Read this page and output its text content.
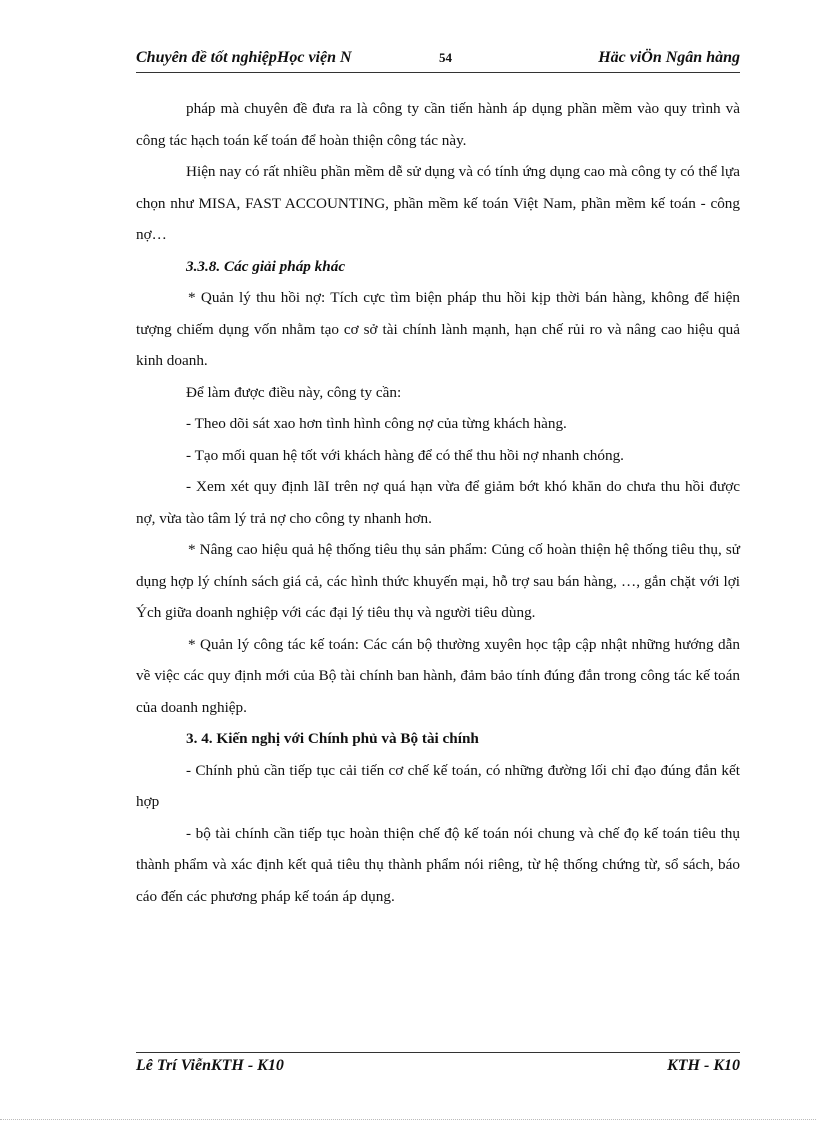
Chuyên đề tốt nghiệpHọc viện N	54	Häc viÖn Ngân hàng

pháp mà chuyên đề đưa ra là công ty cần tiến hành áp dụng phần mềm vào quy trình và công tác hạch toán kế toán để hoàn thiện công tác này.

Hiện nay có rất nhiều phần mềm dễ sử dụng và có tính ứng dụng cao mà công ty có thể lựa chọn như MISA, FAST ACCOUNTING, phần mềm kế toán Việt Nam, phần mềm kế toán - công nợ…

3.3.8. Các giải pháp khác

* Quản lý thu hồi nợ: Tích cực tìm biện pháp thu hồi kịp thời bán hàng, không để hiện tượng chiếm dụng vốn nhằm tạo cơ sở tài chính lành mạnh, hạn chế rủi ro và nâng cao hiệu quả kinh doanh.

Để làm được điều này, công ty cần:

- Theo dõi sát xao hơn tình hình công nợ của từng khách hàng.

- Tạo mối quan hệ tốt với khách hàng để có thể thu hồi nợ nhanh chóng.

- Xem xét quy định lãI trên nợ quá hạn vừa để giảm bớt khó khăn do chưa thu hồi được nợ, vừa tào tâm lý trả nợ cho công ty nhanh hơn.

* Nâng cao hiệu quả hệ thống tiêu thụ sản phẩm: Củng cố hoàn thiện hệ thống tiêu thụ, sử dụng hợp lý chính sách giá cả, các hình thức khuyến mại, hỗ trợ sau bán hàng, …, gắn chặt với lợi Ých giữa doanh nghiệp với các đại lý tiêu thụ và người tiêu dùng.

* Quản lý công tác kế toán: Các cán bộ thường xuyên học tập cập nhật những hướng dẫn về việc các quy định mới của Bộ tài chính ban hành, đảm bảo tính đúng đắn trong công tác kế toán của doanh nghiệp.

3. 4. Kiến nghị với Chính phủ và Bộ tài chính

- Chính phủ cần tiếp tục cải tiến cơ chế kế toán, có những đường lối chỉ đạo đúng đắn kết hợp

- bộ tài chính cần tiếp tục hoàn thiện chế độ kế toán nói chung và chế đọ kế toán tiêu thụ thành phẩm và xác định kết quả tiêu thụ thành phẩm nói riêng, từ hệ thống chứng từ, sổ sách, báo cáo đến các phương pháp kế toán áp dụng.

Lê Trí ViễnKTH - K10	KTH - K10
